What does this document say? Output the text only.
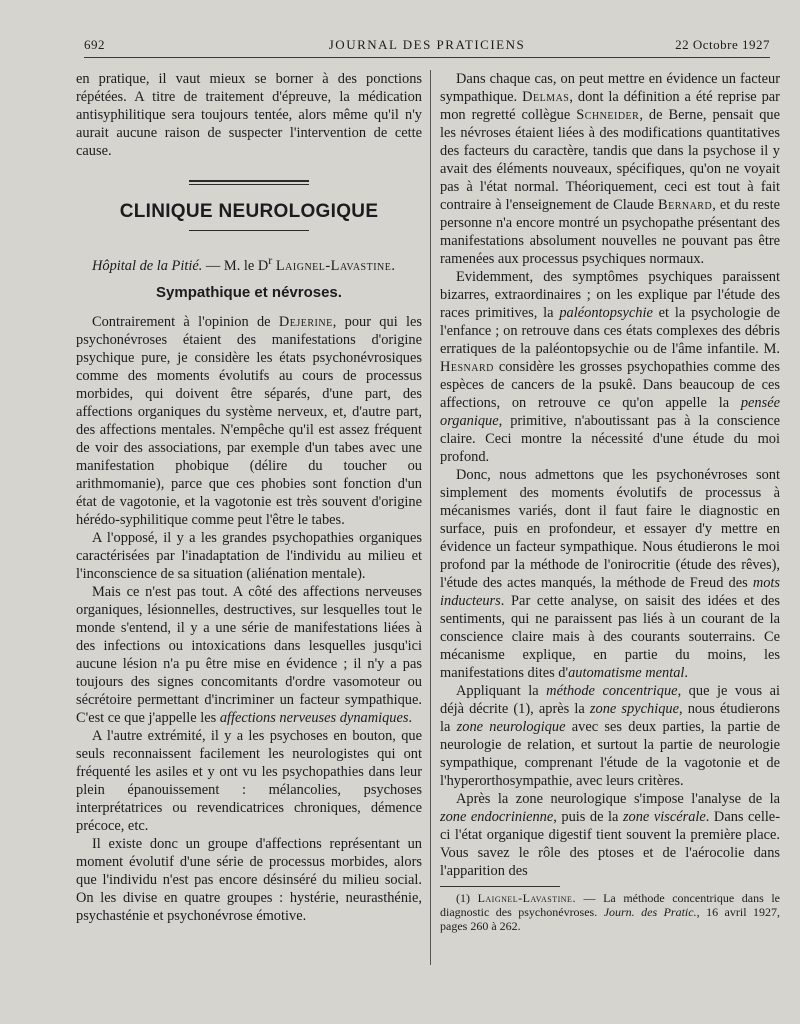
692	JOURNAL DES PRATICIENS	22 Octobre 1927

en pratique, il vaut mieux se borner à des ponctions répétées. A titre de traitement d'épreuve, la médication antisyphilitique sera toujours tentée, alors même qu'il n'y aurait aucune raison de suspecter l'intervention de cette cause.

CLINIQUE NEUROLOGIQUE

Hôpital de la Pitié. — M. le $D^r$ Laignel-Lavastine.

Sympathique et névroses.

Contrairement à l'opinion de Dejerine, pour qui les psychonévroses étaient des manifestations d'origine psychique pure, je considère les états psychonévrosiques comme des moments évolutifs au cours de processus morbides, qui doivent être séparés, d'une part, des affections organiques du système nerveux, et, d'autre part, des affections mentales. N'empêche qu'il est assez fréquent de voir des associations, par exemple d'un tabes avec une manifestation phobique (délire du toucher ou arithmomanie), parce que ces phobies sont fonction d'un état de vagotonie, et la vagotonie est très souvent d'origine hérédo-syphilitique comme peut l'être le tabes.

A l'opposé, il y a les grandes psychopathies organiques caractérisées par l'inadaptation de l'individu au milieu et l'inconscience de sa situation (aliénation mentale).

Mais ce n'est pas tout. A côté des affections nerveuses organiques, lésionnelles, destructives, sur lesquelles tout le monde s'entend, il y a une série de manifestations liées à des infections ou intoxications dans lesquelles jusqu'ici aucune lésion n'a pu être mise en évidence ; il n'y a pas toujours des signes concomitants d'ordre vasomoteur ou sécrétoire permettant d'incriminer un facteur sympathique. C'est ce que j'appelle les affections nerveuses dynamiques.

A l'autre extrémité, il y a les psychoses en bouton, que seuls reconnaissent facilement les neurologistes qui ont fréquenté les asiles et y ont vu les psychopathies dans leur plein épanouissement : mélancolies, psychoses interprétatrices ou revendicatrices chroniques, démence précoce, etc.

Il existe donc un groupe d'affections représentant un moment évolutif d'une série de processus morbides, alors que l'individu n'est pas encore désinséré du milieu social. On les divise en quatre groupes : hystérie, neurasthénie, psychasténie et psychonévrose émotive.

Dans chaque cas, on peut mettre en évidence un facteur sympathique. Delmas, dont la définition a été reprise par mon regretté collègue Schneider, de Berne, pensait que les névroses étaient liées à des modifications quantitatives des facteurs du caractère, tandis que dans la psychose il y avait des éléments nouveaux, spécifiques, qu'on ne voyait pas à l'état normal. Théoriquement, ceci est tout à fait contraire à l'enseignement de Claude Bernard, et du reste personne n'a encore montré un psychopathe présentant des manifestations absolument nouvelles ne pouvant pas être ramenées aux processus psychiques normaux.

Evidemment, des symptômes psychiques paraissent bizarres, extraordinaires ; on les explique par l'étude des races primitives, la paléontopsychie et la psychologie de l'enfance ; on retrouve dans ces états complexes des débris erratiques de la paléontopsychie ou de l'âme infantile. M. Hesnard considère les grosses psychopathies comme des espèces de cancers de la psukê. Dans beaucoup de ces affections, on retrouve ce qu'on appelle la pensée organique, primitive, n'aboutissant pas à la conscience claire. Ceci montre la nécessité d'une étude du moi profond.

Donc, nous admettons que les psychonévroses sont simplement des moments évolutifs de processus à mécanismes variés, dont il faut faire le diagnostic en surface, puis en profondeur, et essayer d'y mettre en évidence un facteur sympathique. Nous étudierons le moi profond par la méthode de l'onirocritie (étude des rêves), l'étude des actes manqués, la méthode de Freud des mots inducteurs. Par cette analyse, on saisit des idées et des sentiments, qui ne paraissent pas liés à un courant de la conscience claire mais à des courants souterrains. Ce mécanisme explique, en partie du moins, les manifestations dites d'automatisme mental.

Appliquant la méthode concentrique, que je vous ai déjà décrite (1), après la zone spychique, nous étudierons la zone neurologique avec ses deux parties, la partie de neurologie de relation, et surtout la partie de neurologie sympathique, comprenant l'étude de la vagotonie et de l'hyperorthosympathie, avec leurs critères.

Après la zone neurologique s'impose l'analyse de la zone endocrinienne, puis de la zone viscérale. Dans celle-ci l'état organique digestif tient souvent la première place. Vous savez le rôle des ptoses et de l'aérocolie dans l'apparition des

(1) Laignel-Lavastine. — La méthode concentrique dans le diagnostic des psychonévroses. Journ. des Pratic., 16 avril 1927, pages 260 à 262.
